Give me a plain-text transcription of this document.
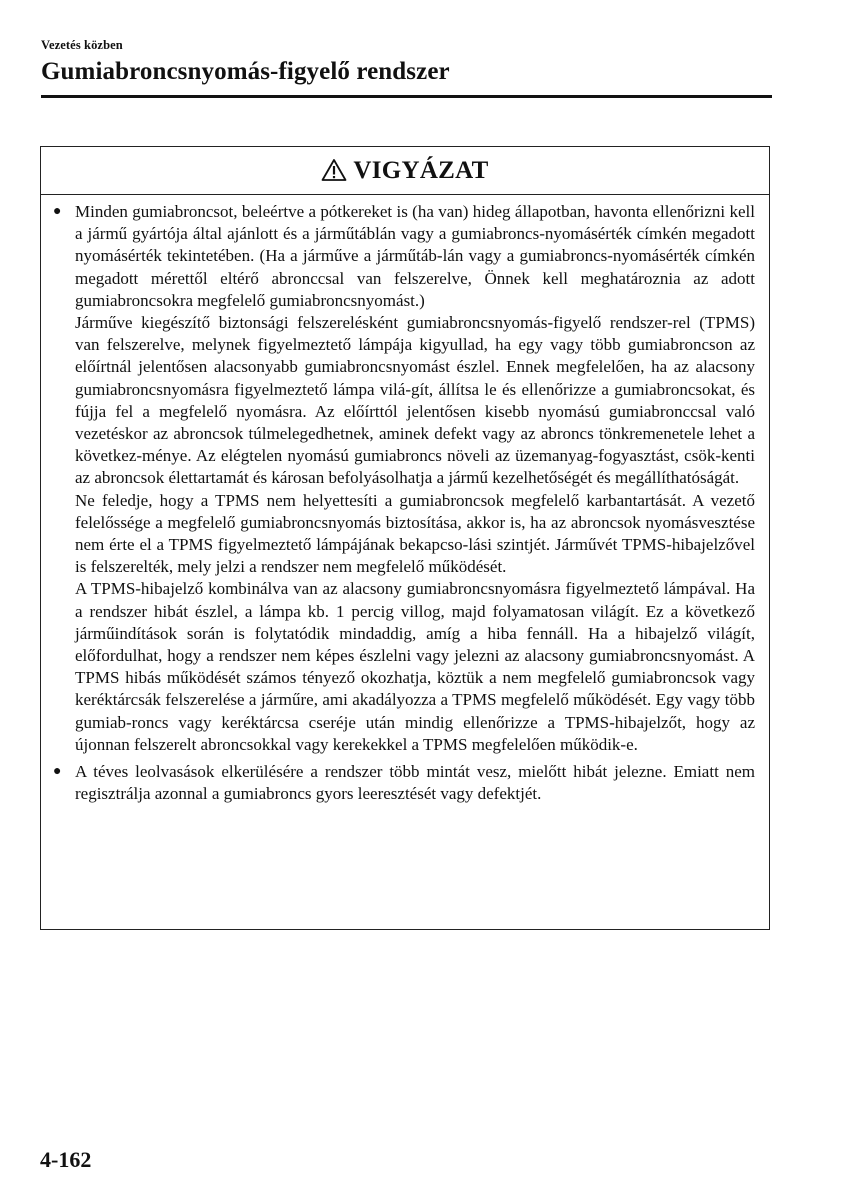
Vezetés közben
Gumiabroncsnyomás-figyelő rendszer
VIGYÁZAT
● Minden gumiabroncsot, beleértve a pótkereket is (ha van) hideg állapotban, havonta ellenőrizni kell a jármű gyártója által ajánlott és a járműtáblán vagy a gumiabroncs-nyomásérték címkén megadott nyomásérték tekintetében. (Ha a járműve a járműtáb-lán vagy a gumiabroncs-nyomásérték címkén megadott mérettől eltérő abronccsal van felszerelve, Önnek kell meghatároznia az adott gumiabroncsokra megfelelő gumiabroncsnyomást.)

Járműve kiegészítő biztonsági felszerelésként gumiabroncsnyomás-figyelő rendszer-rel (TPMS) van felszerelve, melynek figyelmeztető lámpája kigyullad, ha egy vagy több gumiabroncson az előírtnál jelentősen alacsonyabb gumiabroncsnyomást észlel. Ennek megfelelően, ha az alacsony gumiabroncsnyomásra figyelmeztető lámpa vilá-gít, állítsa le és ellenőrizze a gumiabroncsokat, és fújja fel a megfelelő nyomásra. Az előírttól jelentősen kisebb nyomású gumiabronccsal való vezetéskor az abroncsok túlmelegedhetnek, aminek defekt vagy az abroncs tönkremenetele lehet a következ-ménye. Az elégtelen nyomású gumiabroncs növeli az üzemanyag-fogyasztást, csök-kenti az abroncsok élettartamát és károsan befolyásolhatja a jármű kezelhetőségét és megállíthatóságát.

Ne feledje, hogy a TPMS nem helyettesíti a gumiabroncsok megfelelő karbantartását. A vezető felelőssége a megfelelő gumiabroncsnyomás biztosítása, akkor is, ha az abroncsok nyomásvesztése nem érte el a TPMS figyelmeztető lámpájának bekapcso-lási szintjét. Járművét TPMS-hibajelzővel is felszerelték, mely jelzi a rendszer nem megfelelő működését.

A TPMS-hibajelző kombinálva van az alacsony gumiabroncsnyomásra figyelmeztető lámpával. Ha a rendszer hibát észlel, a lámpa kb. 1 percig villog, majd folyamatosan világít. Ez a következő járműindítások során is folytatódik mindaddig, amíg a hiba fennáll. Ha a hibajelző világít, előfordulhat, hogy a rendszer nem képes észlelni vagy jelezni az alacsony gumiabroncsnyomást. A TPMS hibás működését számos tényező okozhatja, köztük a nem megfelelő gumiabroncsok vagy keréktárcsák felszerelése a járműre, ami akadályozza a TPMS megfelelő működését. Egy vagy több gumiab-roncs vagy keréktárcsa cseréje után mindig ellenőrizze a TPMS-hibajelzőt, hogy az újonnan felszerelt abroncsokkal vagy kerekekkel a TPMS megfelelően működik-e.

● A téves leolvasások elkerülésére a rendszer több mintát vesz, mielőtt hibát jelezne. Emiatt nem regisztrálja azonnal a gumiabroncs gyors leeresztését vagy defektjét.

4-162
